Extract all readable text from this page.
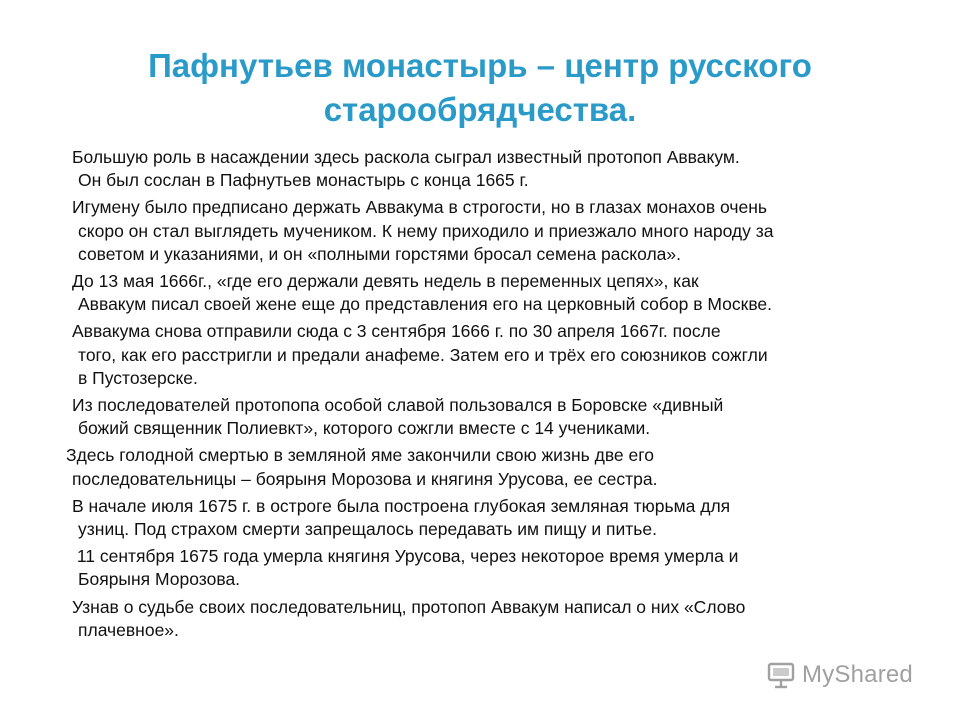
Пафнутьев монастырь – центр русского
старообрядчества.

Большую роль в насаждении здесь раскола сыграл известный протопоп Аввакум.
Он был сослан в Пафнутьев монастырь с конца 1665 г.

Игумену было предписано держать Аввакума в строгости, но в глазах монахов очень
скоро он стал выглядеть мучеником. К нему приходило и приезжало много народу за
советом и указаниями, и он «полными горстями бросал семена раскола».

До 13 мая 1666г., «где его держали девять недель в переменных цепях», как
Аввакум писал своей жене еще до представления его на церковный собор в Москве.

Аввакума снова отправили сюда с 3 сентября 1666 г. по 30 апреля 1667г. после
того, как его расстригли и предали анафеме. Затем его и трёх его союзников сожгли
в Пустозерске.

Из последователей протопопа особой славой пользовался в Боровске «дивный
божий священник Полиевкт», которого сожгли вместе с 14 учениками.

Здесь голодной смертью в земляной яме закончили свою жизнь две его
последовательницы – боярыня Морозова и княгиня Урусова, ее сестра.

В начале июля 1675 г. в остроге была построена глубокая земляная тюрьма для
узниц. Под страхом смерти запрещалось передавать им пищу и питье.

11 сентября 1675 года умерла княгиня Урусова, через некоторое время умерла и
Боярыня Морозова.

Узнав о судьбе своих последовательниц, протопоп Аввакум написал о них «Слово
плачевное».

MyShared
